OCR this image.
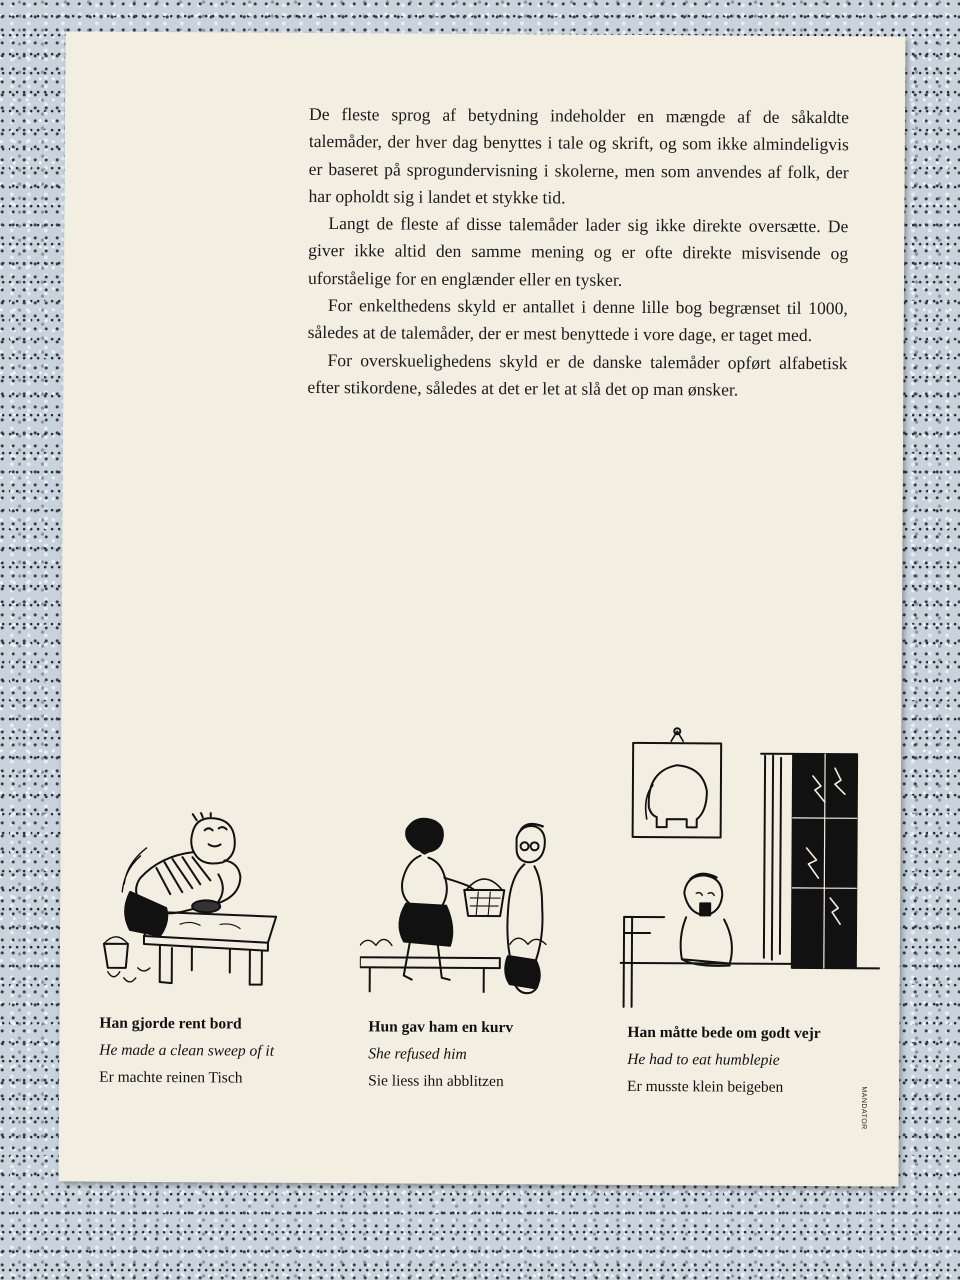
De fleste sprog af betydning indeholder en mængde af de såkaldte talemåder, der hver dag benyttes i tale og skrift, og som ikke almindeligvis er baseret på sprogundervisning i skolerne, men som anvendes af folk, der har opholdt sig i landet et stykke tid.

Langt de fleste af disse talemåder lader sig ikke direkte oversætte. De giver ikke altid den samme mening og er ofte direkte misvisende og uforståelige for en englænder eller en tysker.

For enkelthedens skyld er antallet i denne lille bog begrænset til 1000, således at de talemåder, der er mest benyttede i vore dage, er taget med.

For overskuelighedens skyld er de danske talemåder opført alfabetisk efter stikordene, således at det er let at slå det op man ønsker.

Han gjorde rent bord
He made a clean sweep of it
Er machte reinen Tisch
Hun gav ham en kurv
She refused him
Sie liess ihn abblitzen
Han måtte bede om godt vejr
He had to eat humblepie
Er musste klein beigeben	MANDATOR
